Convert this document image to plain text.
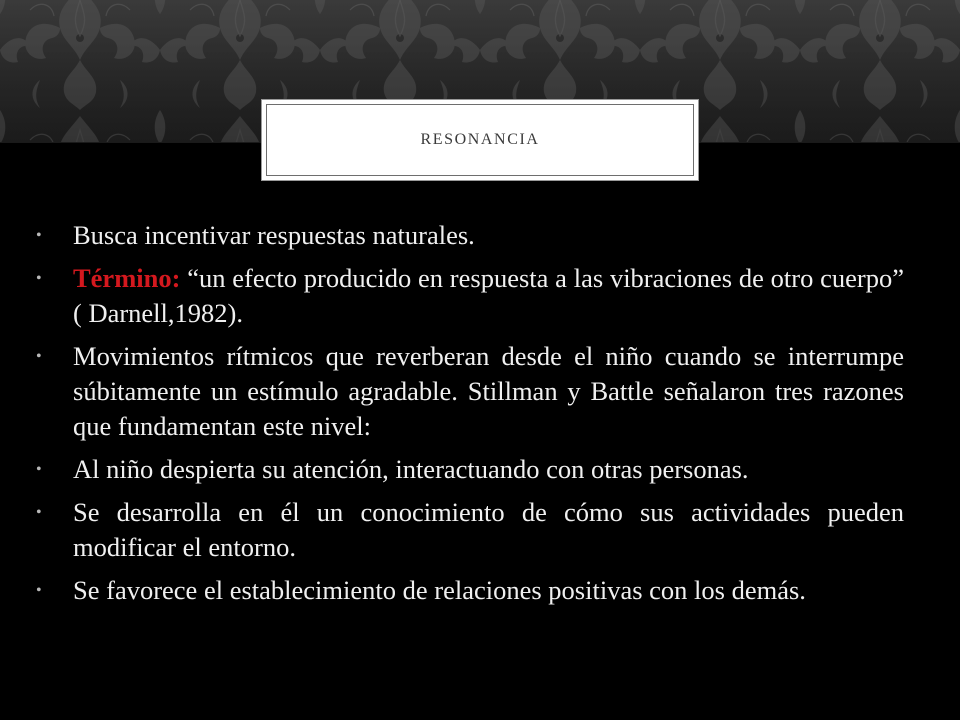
RESONANCIA
• Busca incentivar respuestas naturales.
• Término: “un efecto producido en respuesta a las vibraciones de otro cuerpo” ( Darnell,1982).
• Movimientos rítmicos que reverberan desde el niño cuando se interrumpe súbitamente un estímulo agradable. Stillman y Battle señalaron tres razones que fundamentan este nivel:
• Al niño despierta su atención, interactuando con otras personas.
• Se desarrolla en él un conocimiento de cómo sus actividades pueden modificar el entorno.
• Se favorece el establecimiento de relaciones positivas con los demás.
